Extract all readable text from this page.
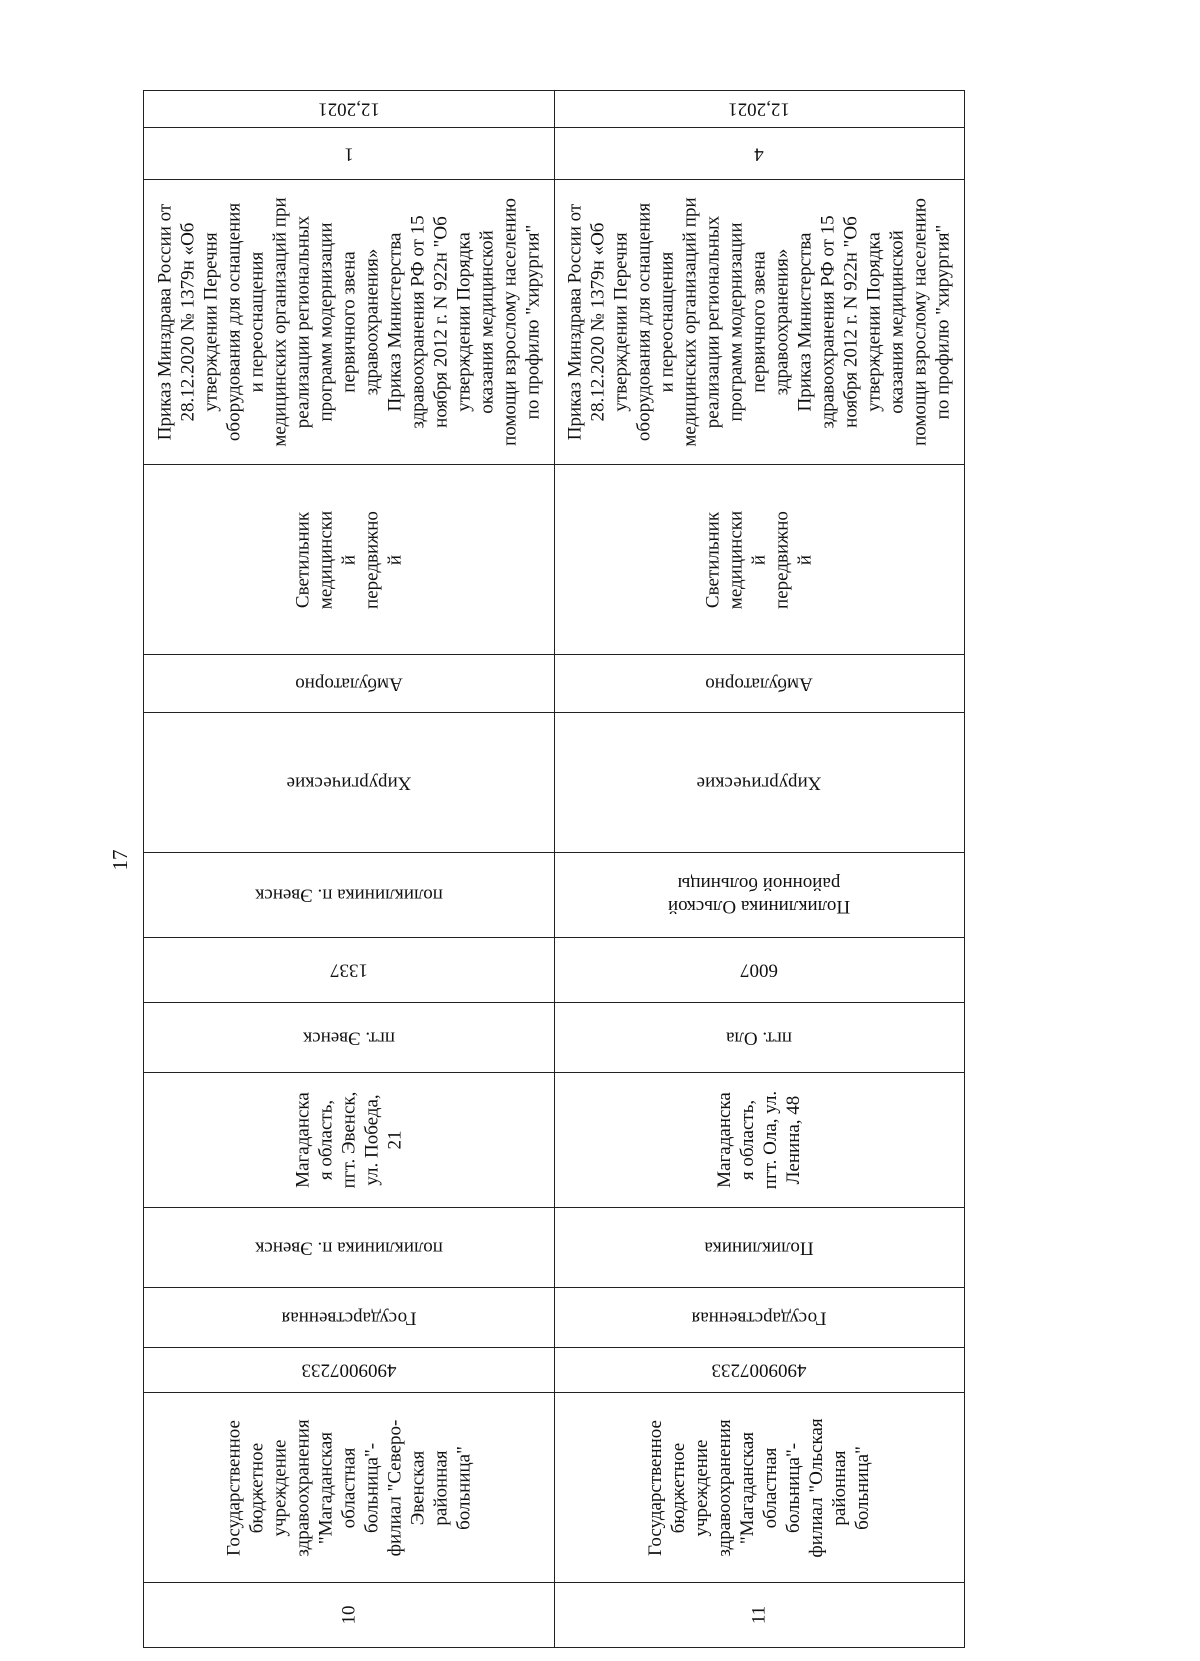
17
12,2021
1
Приказ Минздрава России от
28.12.2020 № 1379н «Об
утверждении Перечня
оборудования для оснащения
и переоснащения
медицинских организаций при
реализации региональных
программ модернизации
первичного звена
здравоохранения»
Приказ Министерства
здравоохранения РФ от 15
ноября 2012 г. N 922н "Об
утверждении Порядка
оказания медицинской
помощи взрослому населению
по профилю "хирургия"
Светильник
медицински
й
передвижно
й
Амбулаторно
Хирургические
поликлиника п. Эвенск
1337
пгт. Эвенск
Магаданска
я область,
пгт. Эвенск,
ул. Победа,
21
поликлиника п. Эвенск
Государственная
4909007233
Государственное
бюджетное
учреждение
здравоохранения
"Магаданская
областная
больница"-
филиал "Северо-
Эвенская
районная
больница"
10
12,2021
4
Приказ Минздрава России от
28.12.2020 № 1379н «Об
утверждении Перечня
оборудования для оснащения
и переоснащения
медицинских организаций при
реализации региональных
программ модернизации
первичного звена
здравоохранения»
Приказ Министерства
здравоохранения РФ от 15
ноября 2012 г. N 922н "Об
утверждении Порядка
оказания медицинской
помощи взрослому населению
по профилю "хирургия"
Светильник
медицински
й
передвижно
й
Амбулаторно
Хирургические
Поликлиника Ольской районной больницы
6007
пгт. Ола
Магаданска
я область,
пгт. Ола, ул.
Ленина, 48
Поликлиника
Государственная
4909007233
Государственное
бюджетное
учреждение
здравоохранения
"Магаданская
областная
больница"-
филиал "Ольская
районная
больница"
11
